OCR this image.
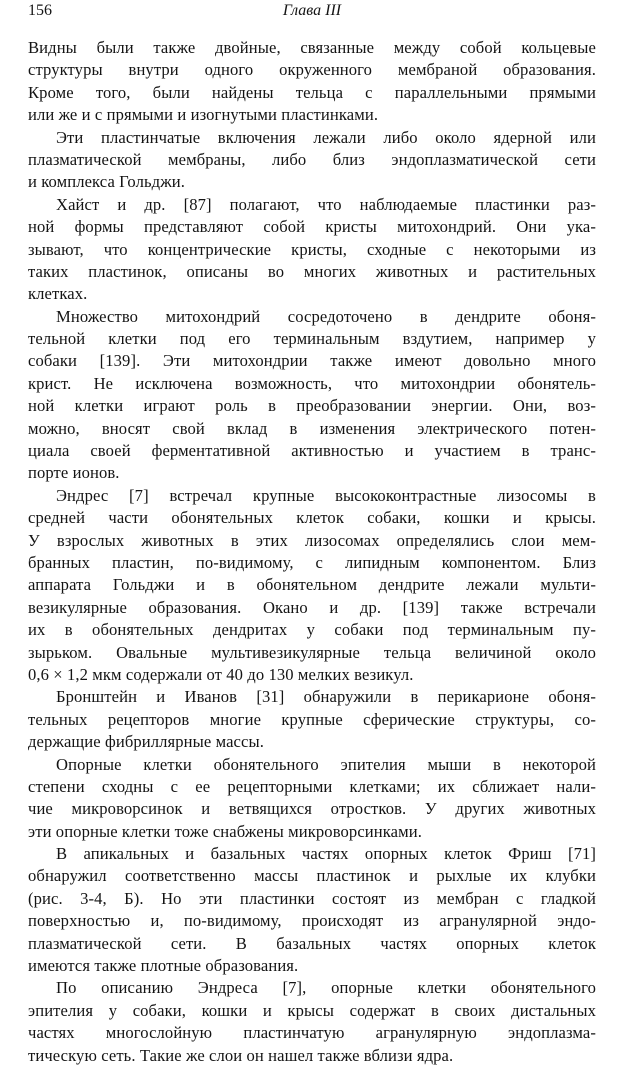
156	Глава III
Видны были также двойные, связанные между собой кольцевые
структуры внутри одного окруженного мембраной образования.
Кроме того, были найдены тельца с параллельными прямыми
или же и с прямыми и изогнутыми пластинками.
Эти пластинчатые включения лежали либо около ядерной или
плазматической мембраны, либо близ эндоплазматической сети
и комплекса Гольджи.
Хайст и др. [87] полагают, что наблюдаемые пластинки раз-
ной формы представляют собой кристы митохондрий. Они ука-
зывают, что концентрические кристы, сходные с некоторыми из
таких пластинок, описаны во многих животных и растительных
клетках.
Множество митохондрий сосредоточено в дендрите обоня-
тельной клетки под его терминальным вздутием, например у
собаки [139]. Эти митохондрии также имеют довольно много
крист. Не исключена возможность, что митохондрии обонятель-
ной клетки играют роль в преобразовании энергии. Они, воз-
можно, вносят свой вклад в изменения электрического потен-
циала своей ферментативной активностью и участием в транс-
порте ионов.
Эндрес [7] встречал крупные высококонтрастные лизосомы в
средней части обонятельных клеток собаки, кошки и крысы.
У взрослых животных в этих лизосомах определялись слои мем-
бранных пластин, по-видимому, с липидным компонентом. Близ
аппарата Гольджи и в обонятельном дендрите лежали мульти-
везикулярные образования. Окано и др. [139] также встречали
их в обонятельных дендритах у собаки под терминальным пу-
зырьком. Овальные мультивезикулярные тельца величиной около
0,6 × 1,2 мкм содержали от 40 до 130 мелких везикул.
Бронштейн и Иванов [31] обнаружили в перикарионе обоня-
тельных рецепторов многие крупные сферические структуры, со-
держащие фибриллярные массы.
Опорные клетки обонятельного эпителия мыши в некоторой
степени сходны с ее рецепторными клетками; их сближает нали-
чие микроворсинок и ветвящихся отростков. У других животных
эти опорные клетки тоже снабжены микроворсинками.
В апикальных и базальных частях опорных клеток Фриш [71]
обнаружил соответственно массы пластинок и рыхлые их клубки
(рис. 3-4, Б). Но эти пластинки состоят из мембран с гладкой
поверхностью и, по-видимому, происходят из агранулярной эндо-
плазматической сети. В базальных частях опорных клеток
имеются также плотные образования.
По описанию Эндреса [7], опорные клетки обонятельного
эпителия у собаки, кошки и крысы содержат в своих дистальных
частях многослойную пластинчатую агранулярную эндоплазма-
тическую сеть. Такие же слои он нашел также вблизи ядра.
